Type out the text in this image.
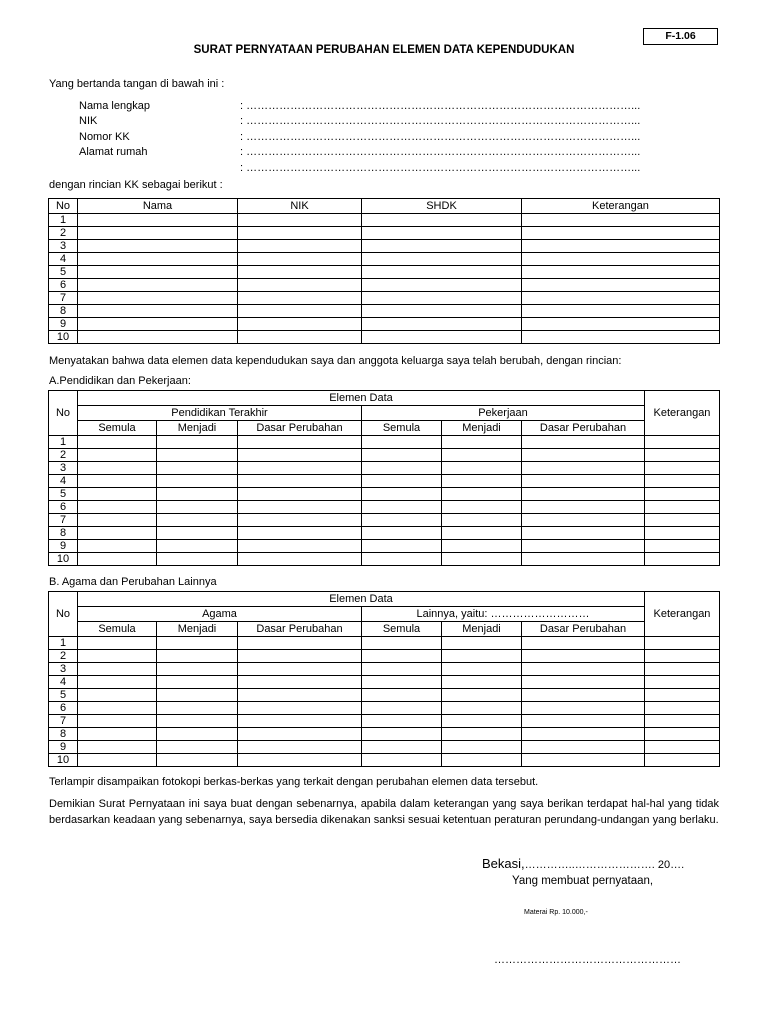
F-1.06
SURAT PERNYATAAN PERUBAHAN ELEMEN DATA KEPENDUDUKAN
Yang bertanda tangan di bawah ini :
Nama lengkap	: ……………………………………………………………………………………………...
NIK	: ……………………………………………………………………………………………...
Nomor KK	: ……………………………………………………………………………………………...
Alamat rumah	: ……………………………………………………………………………………………...
: ……………………………………………………………………………………………...
dengan rincian KK sebagai berikut :
No	Nama	NIK	SHDK	Keterangan
1				
2				
3				
4				
5				
6				
7				
8				
9				
10				
Menyatakan bahwa data elemen data kependudukan saya dan anggota keluarga saya telah berubah, dengan rincian:
A.Pendidikan dan Pekerjaan:
No	Elemen Data						Keterangan
	Pendidikan Terakhir			Pekerjaan			
	Semula	Menjadi	Dasar Perubahan	Semula	Menjadi	Dasar Perubahan	
1							
2							
3							
4							
5							
6							
7							
8							
9							
10							
B. Agama dan Perubahan Lainnya
No	Elemen Data						Keterangan
	Agama			Lainnya, yaitu: ………………………			
	Semula	Menjadi	Dasar Perubahan	Semula	Menjadi	Dasar Perubahan	
1							
2							
3							
4							
5							
6							
7							
8							
9							
10							
Terlampir disampaikan fotokopi berkas-berkas yang terkait dengan perubahan elemen data tersebut.
Demikian Surat Pernyataan ini saya buat dengan sebenarnya, apabila dalam keterangan yang saya berikan terdapat hal-hal yang tidak berdasarkan keadaan yang sebenarnya, saya bersedia dikenakan sanksi sesuai ketentuan peraturan perundang-undangan yang berlaku.
Bekasi,…………..…………………. 20….
Yang membuat pernyataan,
Materai Rp. 10.000,-
……………………………………………
